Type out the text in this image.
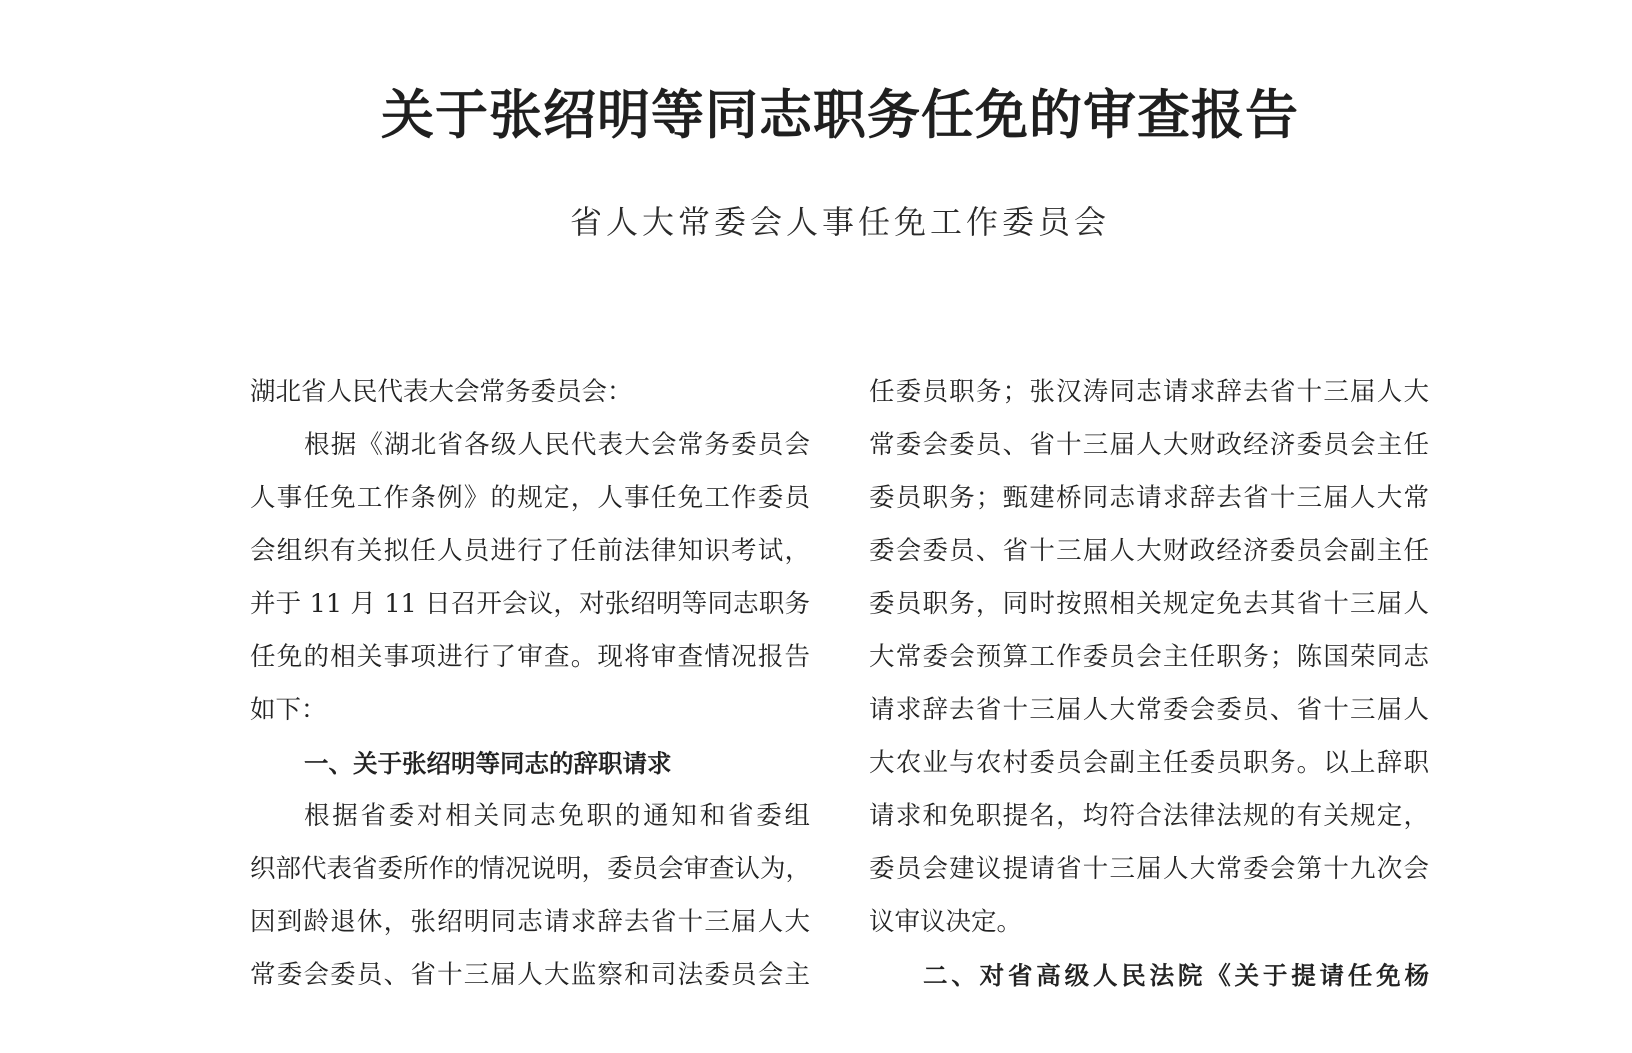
关于张绍明等同志职务任免的审查报告
省人大常委会人事任免工作委员会
湖北省人民代表大会常务委员会：
根据《湖北省各级人民代表大会常务委员会
人事任免工作条例》的规定，人事任免工作委员
会组织有关拟任人员进行了任前法律知识考试，
并于 11 月 11 日召开会议，对张绍明等同志职务
任免的相关事项进行了审查。现将审查情况报告
如下：
一、关于张绍明等同志的辞职请求
根据省委对相关同志免职的通知和省委组
织部代表省委所作的情况说明，委员会审查认为，
因到龄退休，张绍明同志请求辞去省十三届人大
常委会委员、省十三届人大监察和司法委员会主
任委员职务；张汉涛同志请求辞去省十三届人大
常委会委员、省十三届人大财政经济委员会主任
委员职务；甄建桥同志请求辞去省十三届人大常
委会委员、省十三届人大财政经济委员会副主任
委员职务，同时按照相关规定免去其省十三届人
大常委会预算工作委员会主任职务；陈国荣同志
请求辞去省十三届人大常委会委员、省十三届人
大农业与农村委员会副主任委员职务。以上辞职
请求和免职提名，均符合法律法规的有关规定，
委员会建议提请省十三届人大常委会第十九次会
议审议决定。
二、对省高级人民法院《关于提请任免杨
